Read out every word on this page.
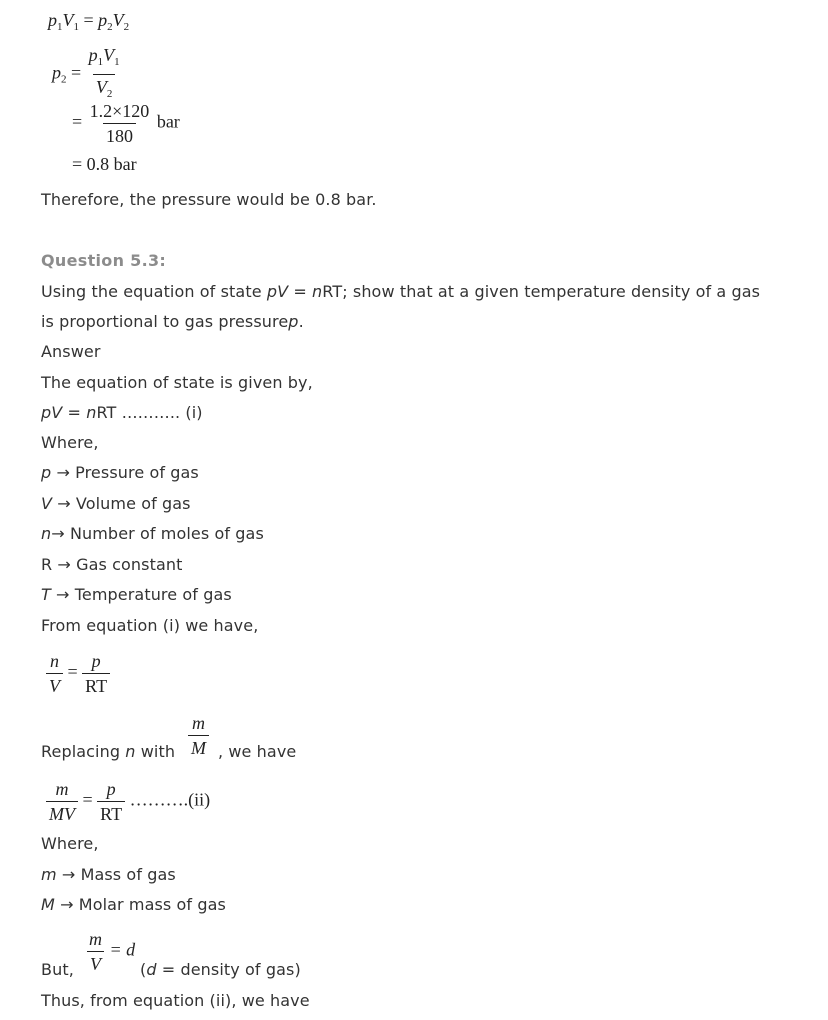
$p_1V_1 = p_2V_2$
$p_2 = \frac{p_1V_1}{V_2}$
= $\frac{1.2\times 120}{180}$ bar
= 0.8 bar
Therefore, the pressure would be 0.8 bar.
Question 5.3:
Using the equation of state pV = nRT; show that at a given temperature density of a gas
is proportional to gas pressurep.
Answer
The equation of state is given by,
pV = nRT ……….. (i)
Where,
p → Pressure of gas
V → Volume of gas
n→ Number of moles of gas
R → Gas constant
T → Temperature of gas
From equation (i) we have,
$\frac{n}{V} = \frac{p}{RT}$
Replacing n with $\frac{m}{M}$ , we have
$\frac{m}{MV} = \frac{p}{RT}$ ……….(ii)
Where,
m → Mass of gas
M → Molar mass of gas
But, $\frac{m}{V} = d$
(d = density of gas)
Thus, from equation (ii), we have
